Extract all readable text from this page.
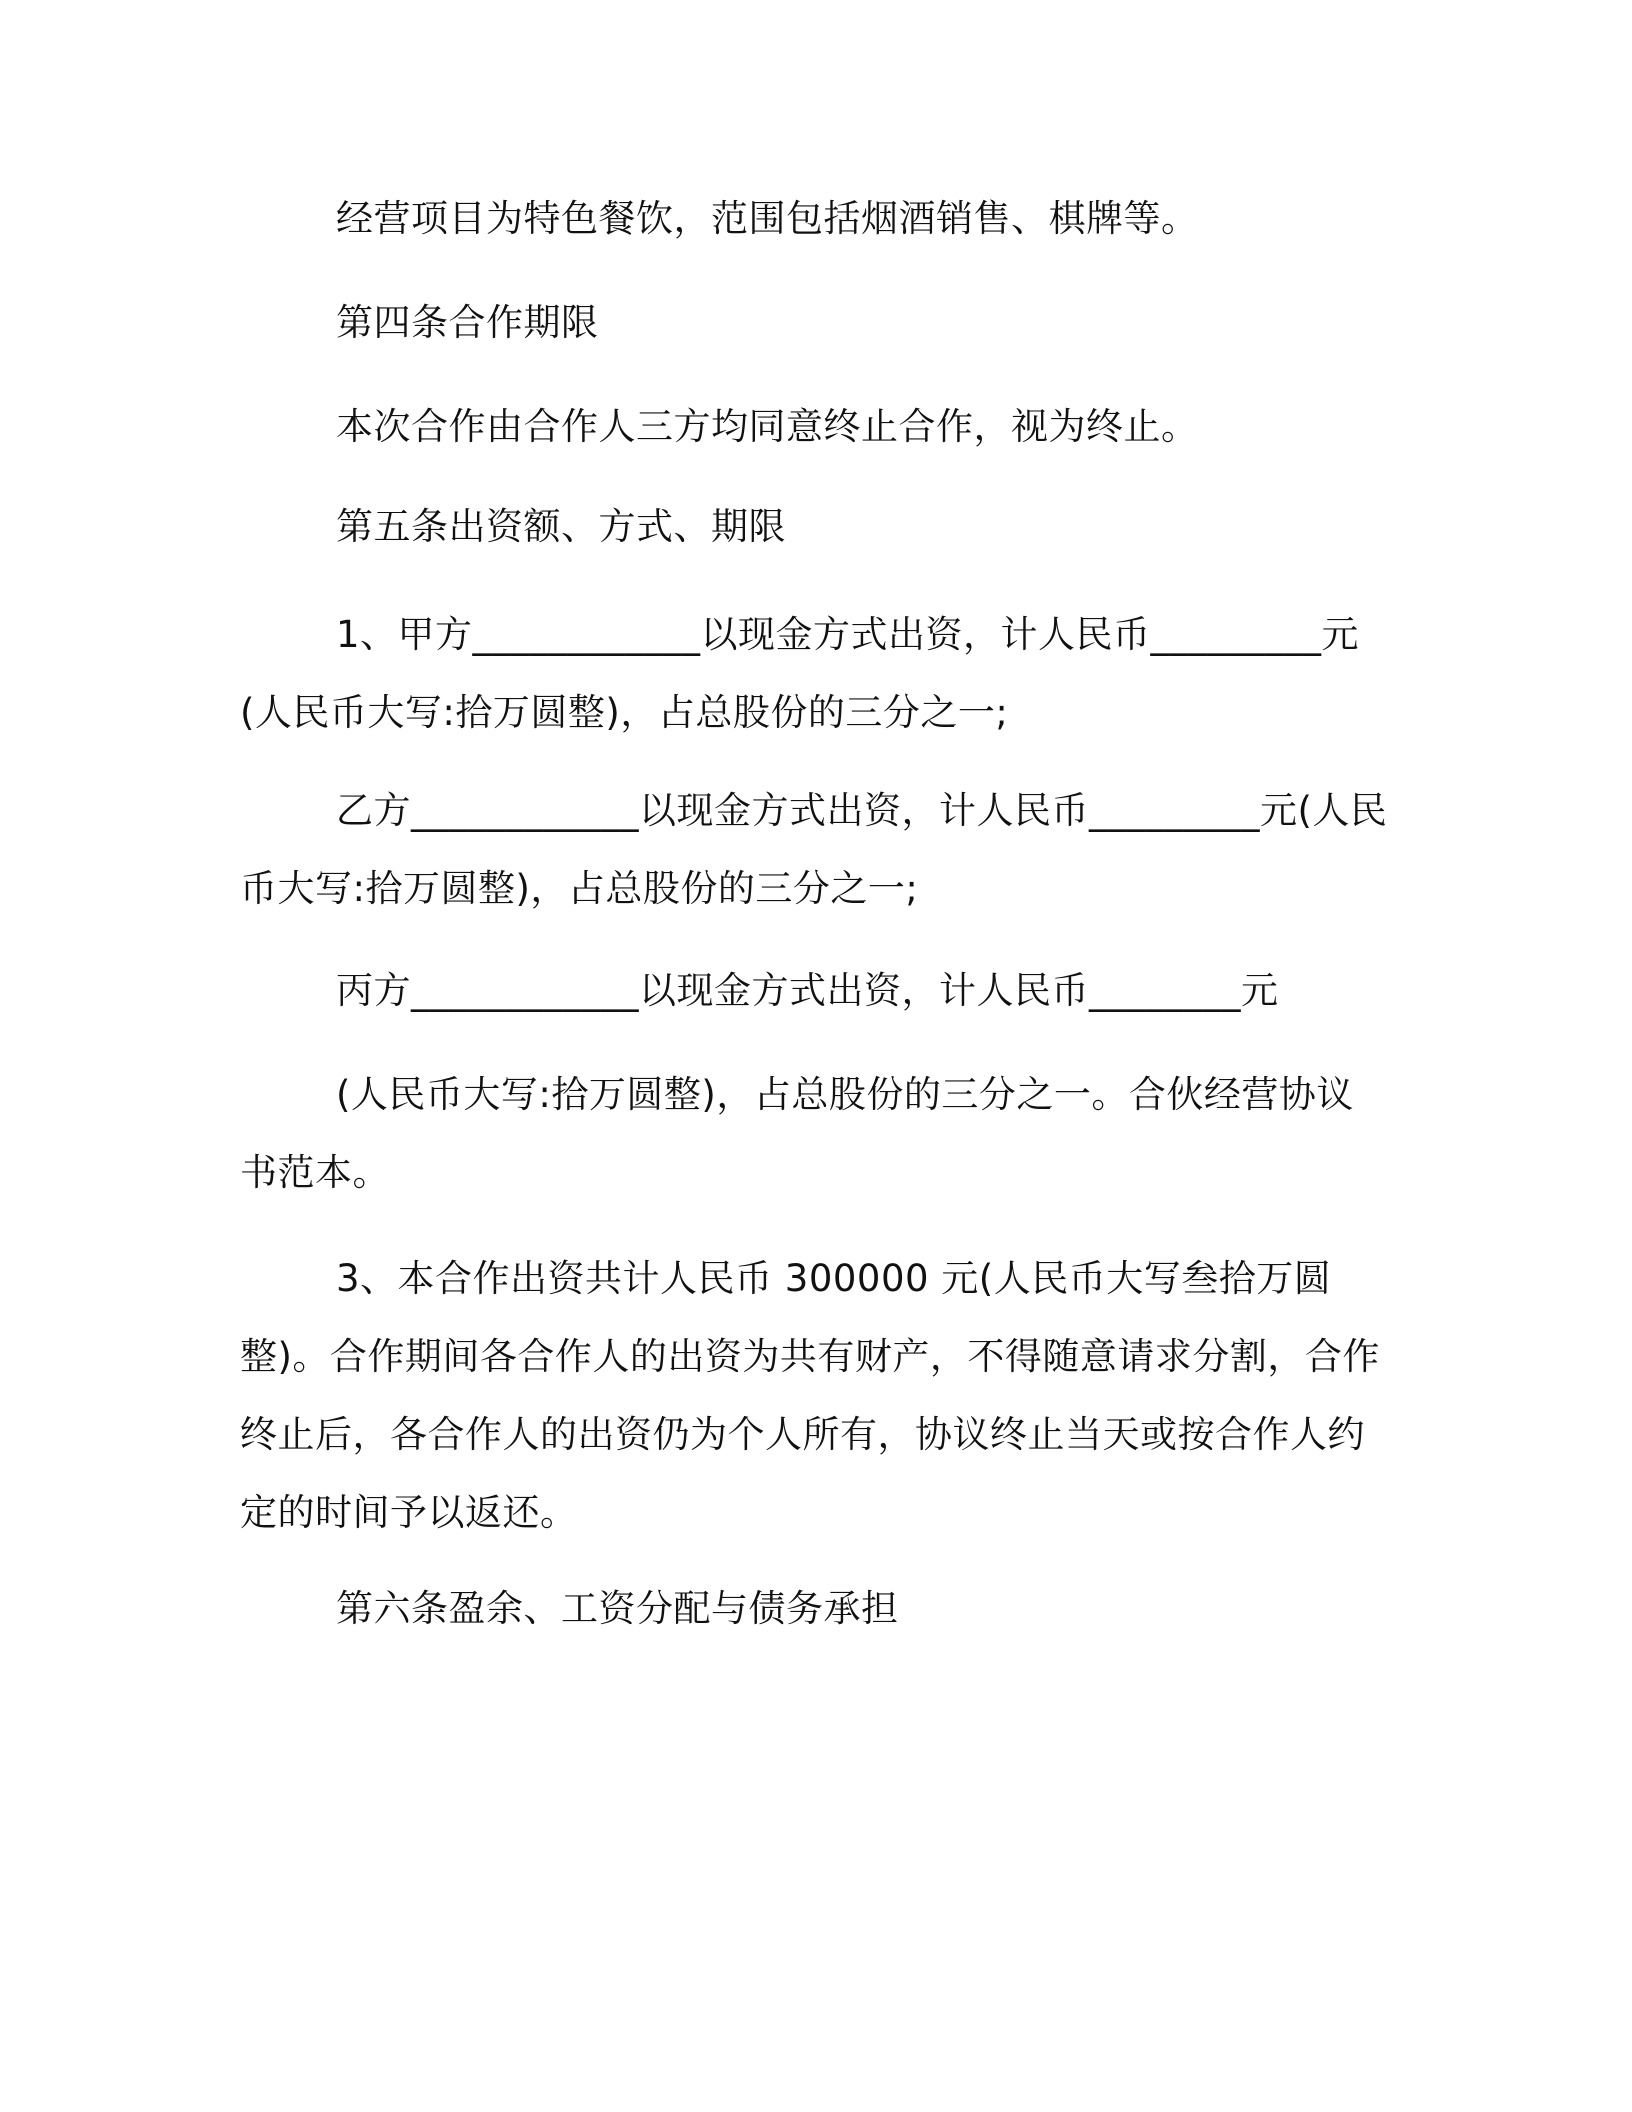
经营项目为特色餐饮，范围包括烟酒销售、棋牌等。

第四条合作期限

本次合作由合作人三方均同意终止合作，视为终止。

第五条出资额、方式、期限

1、甲方____________以现金方式出资，计人民币_________元(人民币大写:拾万圆整)，占总股份的三分之一;

乙方____________以现金方式出资，计人民币_________元(人民币大写:拾万圆整)，占总股份的三分之一;

丙方____________以现金方式出资，计人民币________元

(人民币大写:拾万圆整)，占总股份的三分之一。合伙经营协议书范本。

3、本合作出资共计人民币 300000 元(人民币大写叁拾万圆整)。合作期间各合作人的出资为共有财产，不得随意请求分割，合作终止后，各合作人的出资仍为个人所有，协议终止当天或按合作人约定的时间予以返还。

第六条盈余、工资分配与债务承担
